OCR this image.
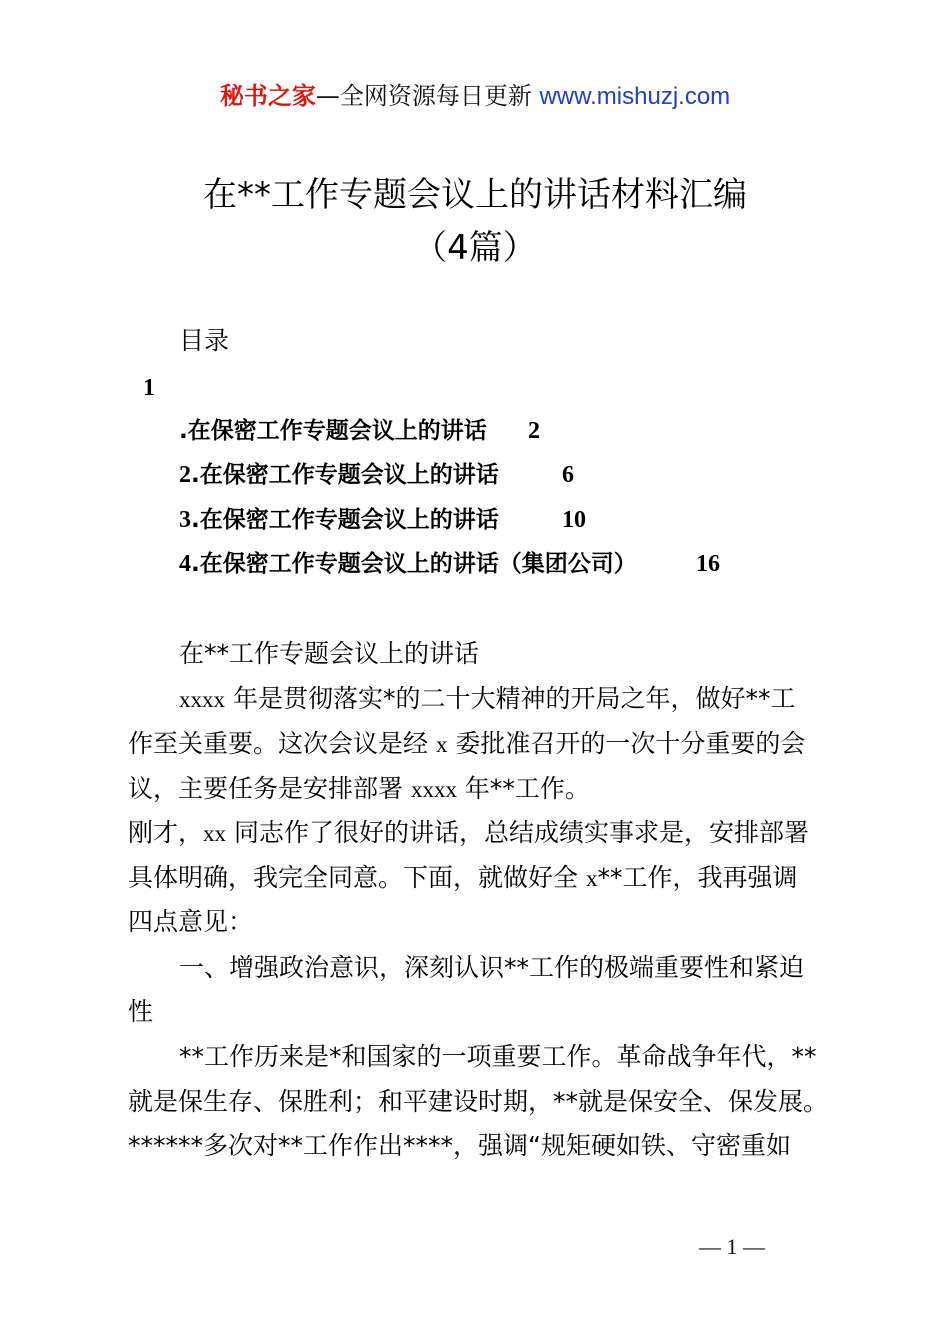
秘书之家—全网资源每日更新 www.mishuzj.com
在**工作专题会议上的讲话材料汇编
（4篇）
目录
1
.在保密工作专题会议上的讲话 2
2.在保密工作专题会议上的讲话	6
3.在保密工作专题会议上的讲话	10
4.在保密工作专题会议上的讲话（集团公司） 16
在**工作专题会议上的讲话
xxxx 年是贯彻落实*的二十大精神的开局之年，做好**工
作至关重要。这次会议是经 x 委批准召开的一次十分重要的会
议，主要任务是安排部署 xxxx 年**工作。
刚才，xx 同志作了很好的讲话，总结成绩实事求是，安排部署
具体明确，我完全同意。下面，就做好全 x**工作，我再强调
四点意见：
一、增强政治意识，深刻认识**工作的极端重要性和紧迫
性
**工作历来是*和国家的一项重要工作。革命战争年代，**
就是保生存、保胜利；和平建设时期，**就是保安全、保发展。
******多次对**工作作出****，强调“规矩硬如铁、守密重如
— 1 —
